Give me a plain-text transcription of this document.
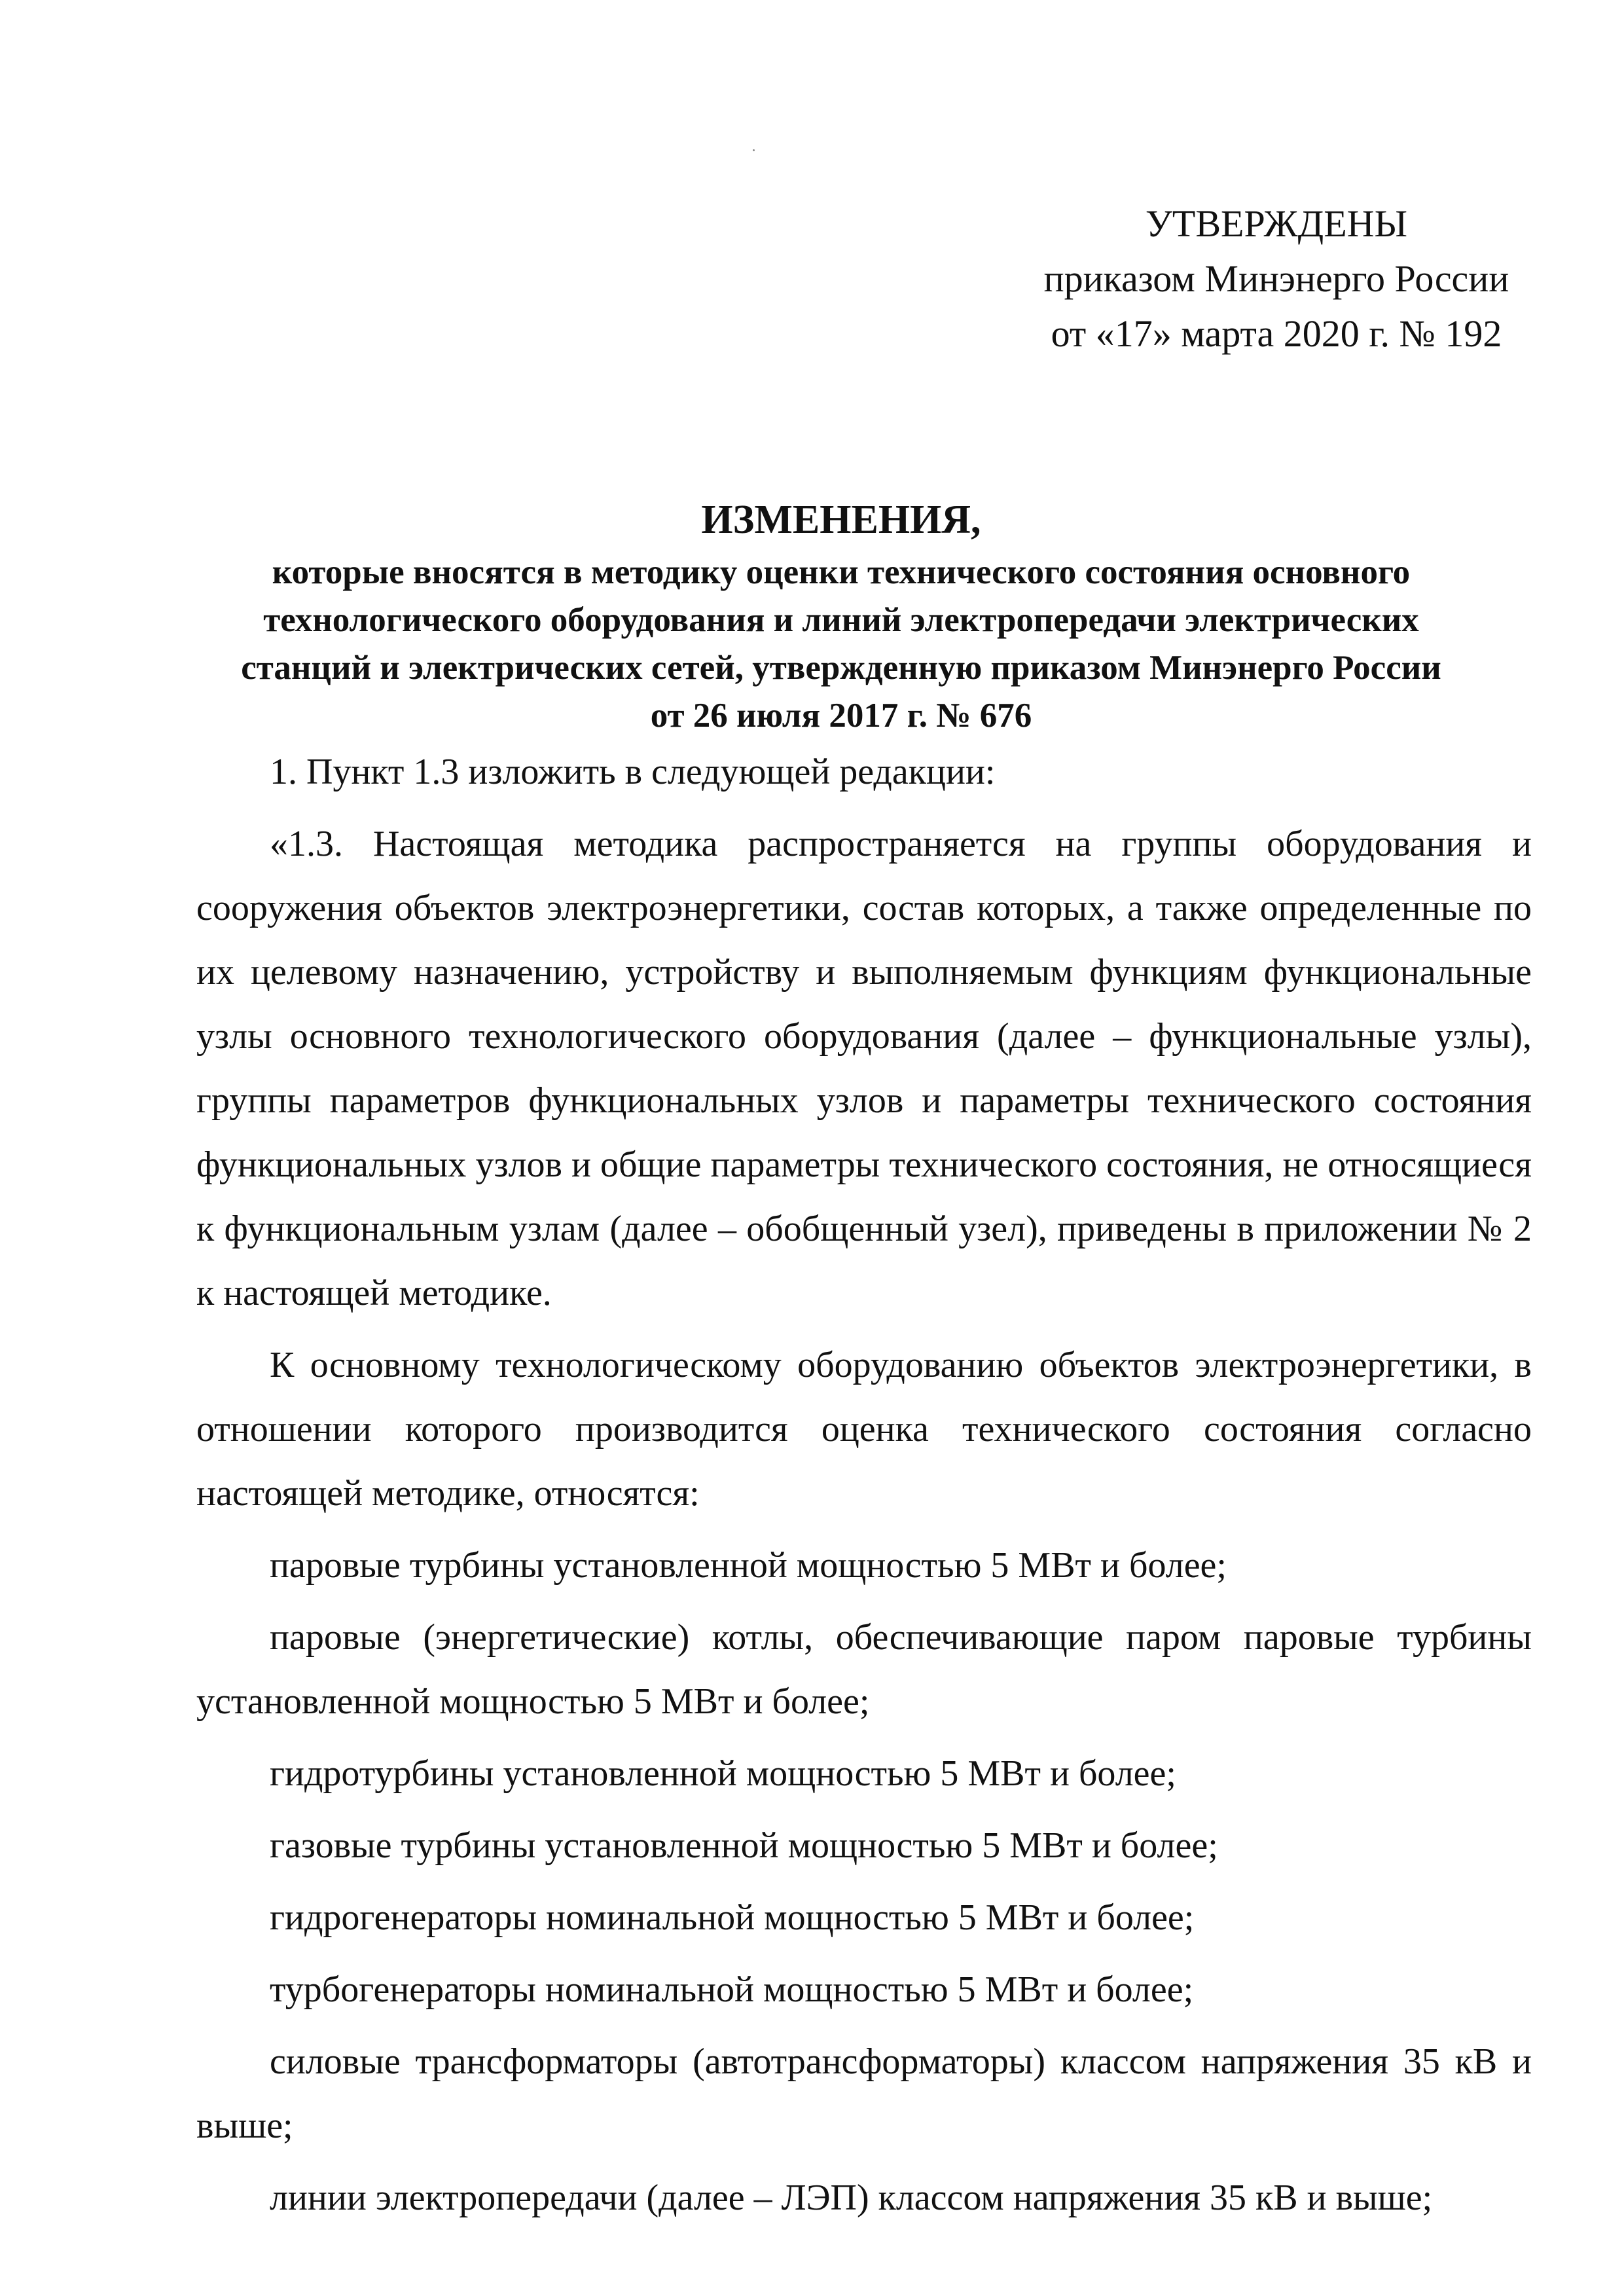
УТВЕРЖДЕНЫ
приказом Минэнерго России
от «17» марта 2020 г. № 192
ИЗМЕНЕНИЯ,
которые вносятся в методику оценки технического состояния основного
технологического оборудования и линий электропередачи электрических
станций и электрических сетей, утвержденную приказом Минэнерго России
от 26 июля 2017 г. № 676

1. Пункт 1.3 изложить в следующей редакции:

«1.3. Настоящая методика распространяется на группы оборудования и сооружения объектов электроэнергетики, состав которых, а также определенные по их целевому назначению, устройству и выполняемым функциям функциональные узлы основного технологического оборудования (далее – функциональные узлы), группы параметров функциональных узлов и параметры технического состояния функциональных узлов и общие параметры технического состояния, не относящиеся к функциональным узлам (далее – обобщенный узел), приведены в приложении № 2 к настоящей методике.

К основному технологическому оборудованию объектов электроэнергетики, в отношении которого производится оценка технического состояния согласно настоящей методике, относятся:

паровые турбины установленной мощностью 5 МВт и более;

паровые (энергетические) котлы, обеспечивающие паром паровые турбины установленной мощностью 5 МВт и более;

гидротурбины установленной мощностью 5 МВт и более;

газовые турбины установленной мощностью 5 МВт и более;

гидрогенераторы номинальной мощностью 5 МВт и более;

турбогенераторы номинальной мощностью 5 МВт и более;

силовые трансформаторы (автотрансформаторы) классом напряжения 35 кВ и выше;

линии электропередачи (далее – ЛЭП) классом напряжения 35 кВ и выше;
